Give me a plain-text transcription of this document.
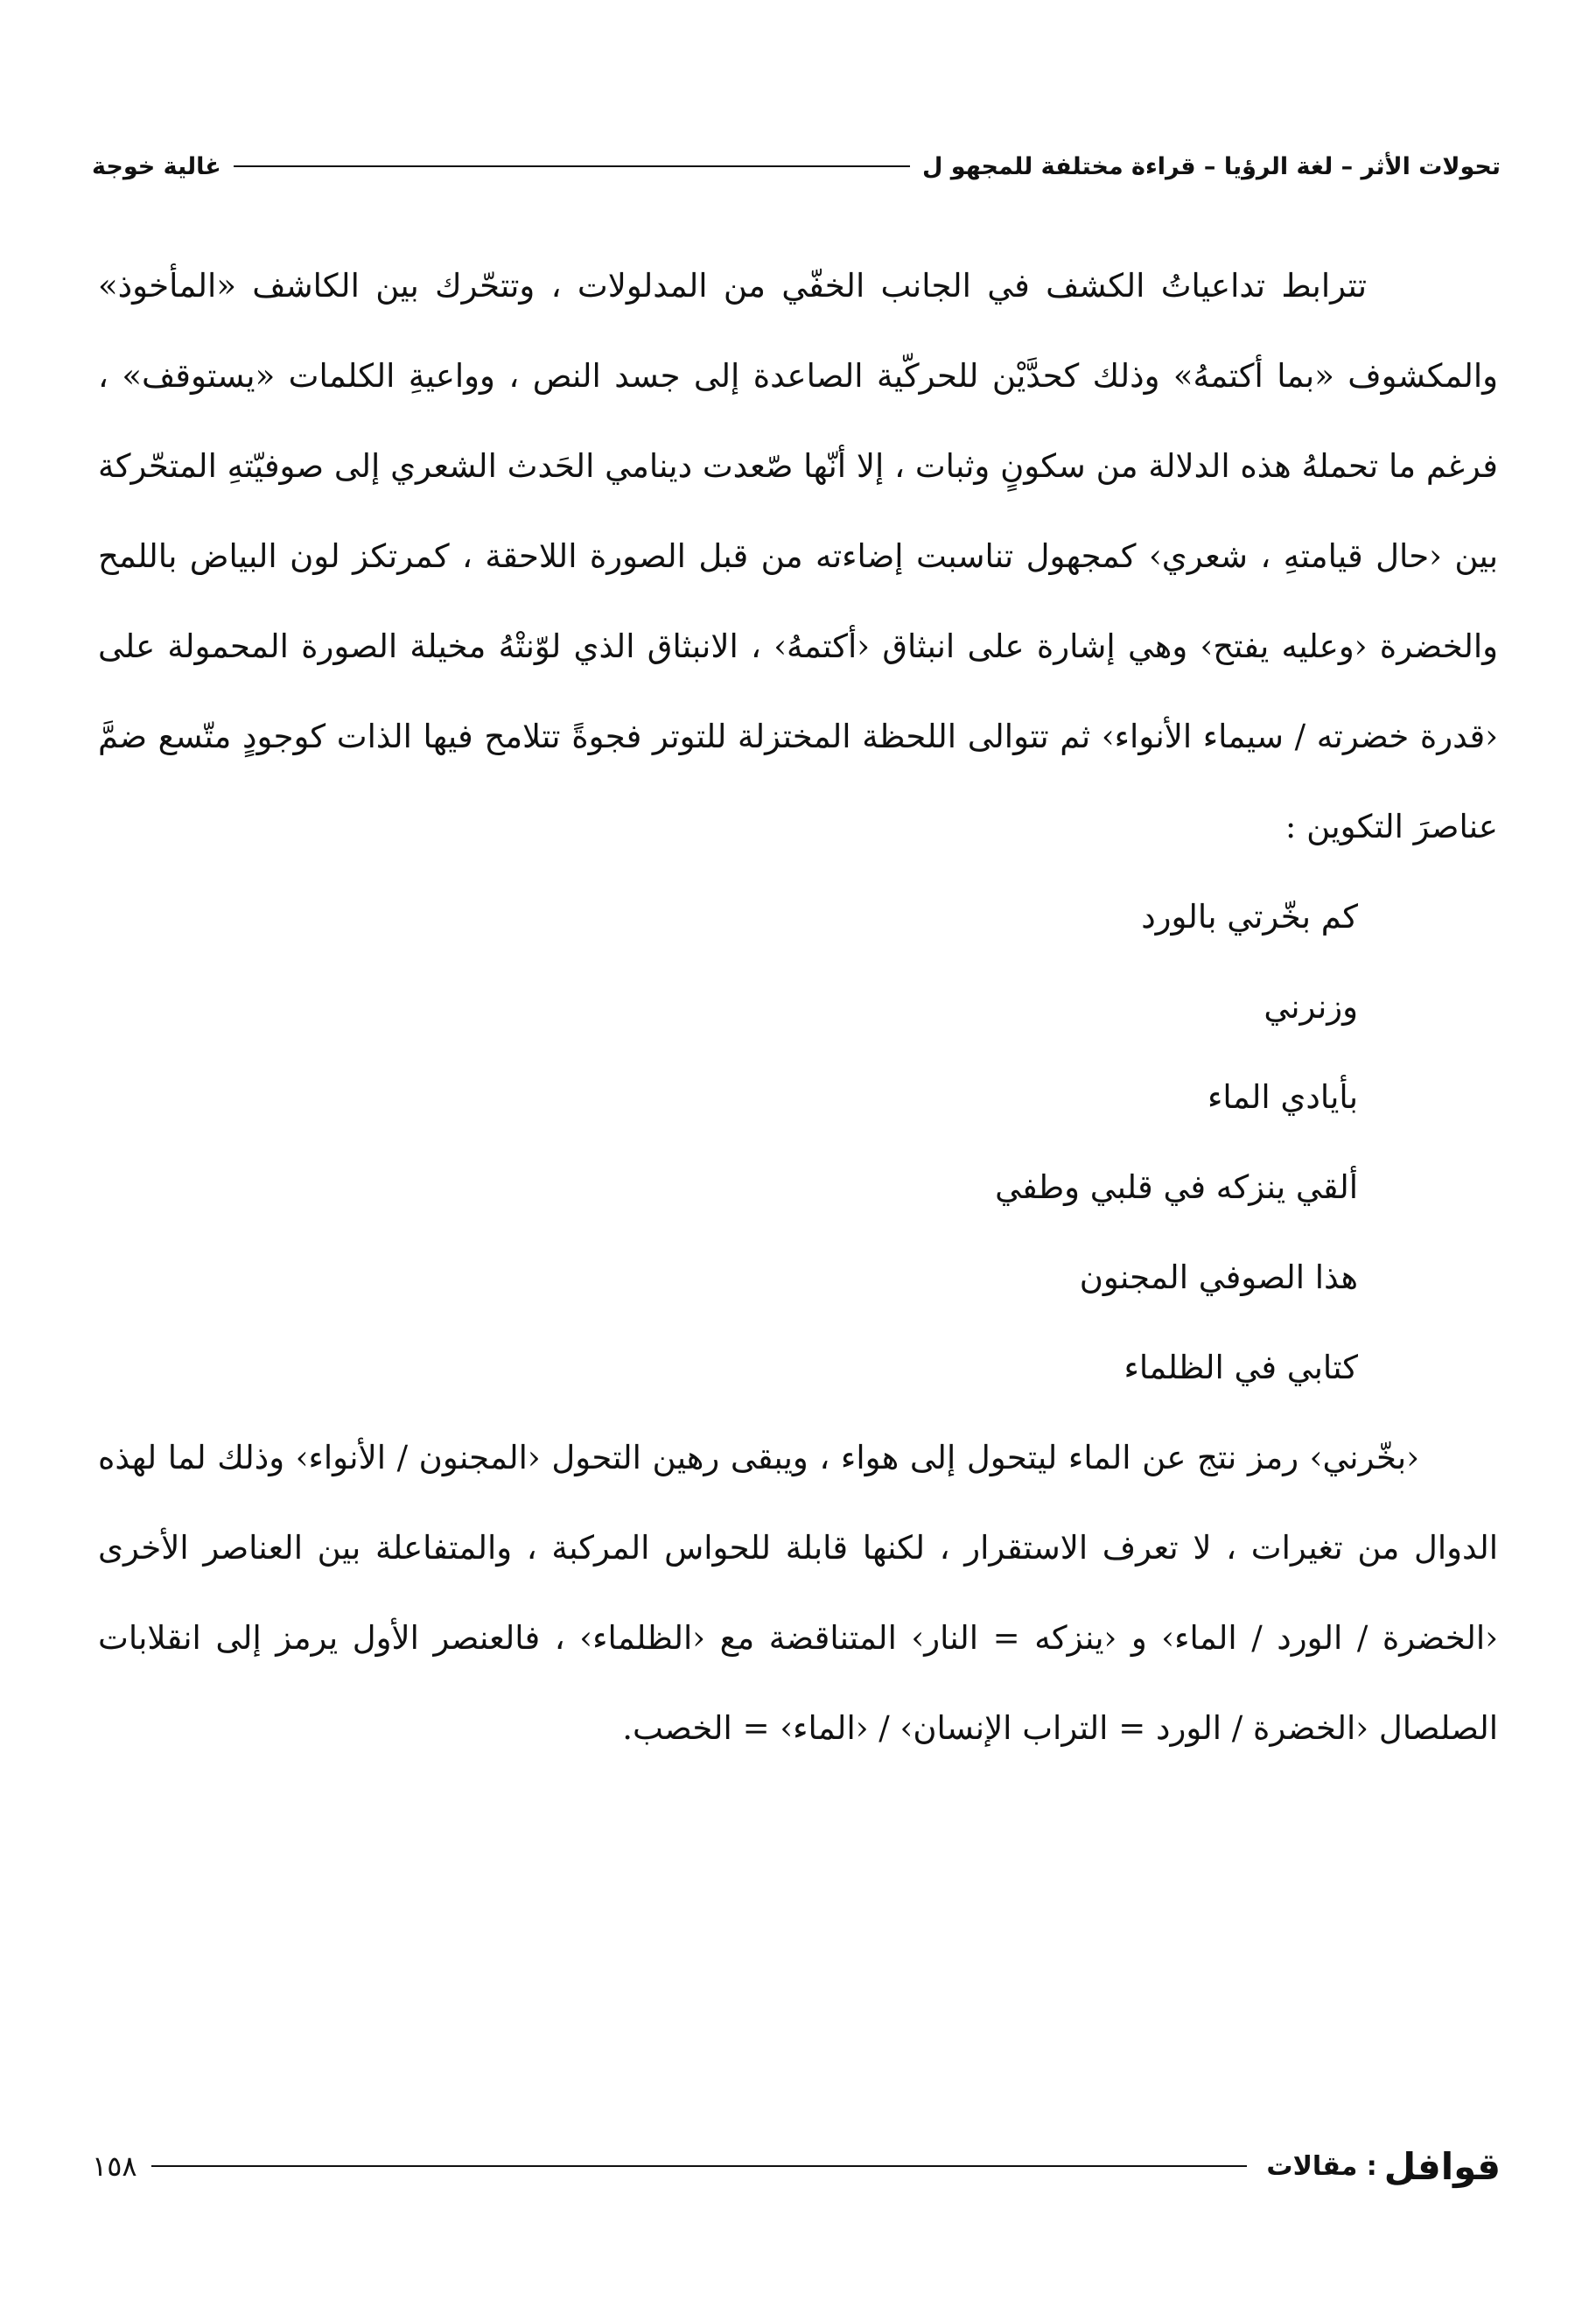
تحولات الأثر – لغة الرؤيا – قراءة مختلفة للمجهو ل
غالية خوجة

تترابط تداعياتُ الكشف في الجانب الخفّي من المدلولات ، وتتحّرك بين الكاشف «المأخوذ» والمكشوف «بما أكتمهُ» وذلك كحدَّيْن للحركّية الصاعدة إلى جسد النص ، وواعيةِ الكلمات «يستوقف» ، فرغم ما تحملهُ هذه الدلالة من سكونٍ وثبات ، إلا أنّها صّعدت دينامي الحَدث الشعري إلى صوفيّتهِ المتحّركة بين ‹حال قيامتهِ ، شعري› كمجهول تناسبت إضاءته من قبل الصورة اللاحقة ، كمرتكز لون البياض باللمح والخضرة ‹وعليه يفتح› وهي إشارة على انبثاق ‹أكتمهُ› ، الانبثاق الذي لوّنتْهُ مخيلة الصورة المحمولة على ‹قدرة خضرته / سيماء الأنواء› ثم تتوالى اللحظة المختزلة للتوتر فجوةً تتلامح فيها الذات كوجودٍ متّسع ضمَّ عناصرَ التكوين :

كم بخّرتي بالورد
وزنرني
بأيادي الماء
ألقي ينزكه في قلبي وطفي
هذا الصوفي المجنون
كتابي في الظلماء

‹بخّرني› رمز نتج عن الماء ليتحول إلى هواء ، ويبقى رهين التحول ‹المجنون / الأنواء› وذلك لما لهذه الدوال من تغيرات ، لا تعرف الاستقرار ، لكنها قابلة للحواس المركبة ، والمتفاعلة بين العناصر الأخرى ‹الخضرة / الورد / الماء› و ‹ينزكه = النار› المتناقضة مع ‹الظلماء› ، فالعنصر الأول يرمز إلى انقلابات الصلصال ‹الخضرة / الورد = التراب الإنسان› / ‹الماء› = الخصب.

قوافل
: مقالات
١٥٨
